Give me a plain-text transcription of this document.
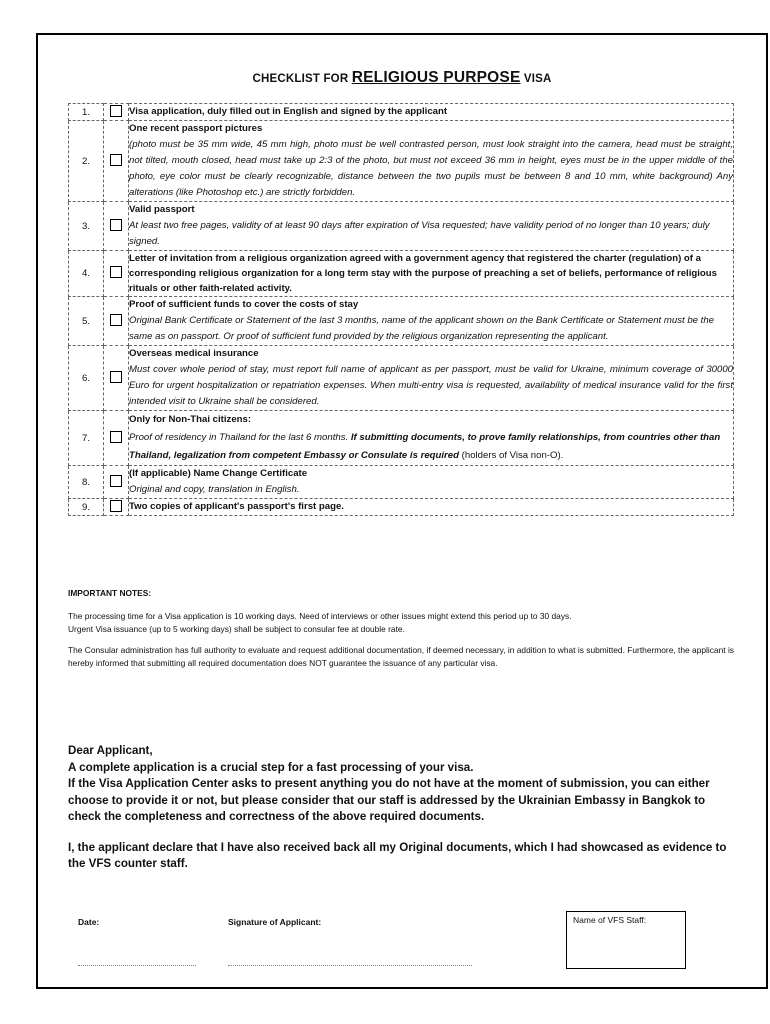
CHECKLIST FOR RELIGIOUS PURPOSE VISA
1.		Visa application, duly filled out in English and signed by the applicant
2.		One recent passport pictures
(photo must be 35 mm wide, 45 mm high, photo must be well contrasted person, must look straight into the camera, head must be straight, not tilted, mouth closed, head must take up 2:3 of the photo, but must not exceed 36 mm in height, eyes must be in the upper middle of the photo, eye color must be clearly recognizable, distance between the two pupils must be between 8 and 10 mm, white background) Any alterations (like Photoshop etc.) are strictly forbidden.

3.		Valid passport
At least two free pages, validity of at least 90 days after expiration of Visa requested; have validity period of no longer than 10 years; duly signed.

4.		Letter of invitation from a religious organization agreed with a government agency that registered the charter (regulation) of a corresponding religious organization for a long term stay with the purpose of preaching a set of beliefs, performance of religious rituals or other faith-related activity.

5.		Proof of sufficient funds to cover the costs of stay
Original Bank Certificate or Statement of the last 3 months, name of the applicant shown on the Bank Certificate or Statement must be the same as on passport. Or proof of sufficient fund provided by the religious organization representing the applicant.

6.		Overseas medical insurance
Must cover whole period of stay, must report full name of applicant as per passport, must be valid for Ukraine, minimum coverage of 30000 Euro for urgent hospitalization or repatriation expenses. When multi-entry visa is requested, availability of medical insurance valid for the first intended visit to Ukraine shall be considered.

7.		Only for Non-Thai citizens:
Proof of residency in Thailand for the last 6 months. If submitting documents, to prove family relationships, from countries other than Thailand, legalization from competent Embassy or Consulate is required (holders of Visa non-O).

8.		(If applicable) Name Change Certificate
Original and copy, translation in English.

9.		Two copies of applicant's passport's first page.
IMPORTANT NOTES:

The processing time for a Visa application is 10 working days. Need of interviews or other issues might extend this period up to 30 days.
Urgent Visa issuance (up to 5 working days) shall be subject to consular fee at double rate.

The Consular administration has full authority to evaluate and request additional documentation, if deemed necessary, in addition to what is submitted. Furthermore, the applicant is hereby informed that submitting all required documentation does NOT guarantee the issuance of any particular visa.

Dear Applicant,

A complete application is a crucial step for a fast processing of your visa.

If the Visa Application Center asks to present anything you do not have at the moment of submission, you can either choose to provide it or not, but please consider that our staff is addressed by the Ukrainian Embassy in Bangkok to check the completeness and correctness of the above required documents.

I, the applicant declare that I have also received back all my Original documents, which I had showcased as evidence to the VFS counter staff.

Date:	Signature of Applicant:	Name of VFS Staff:
